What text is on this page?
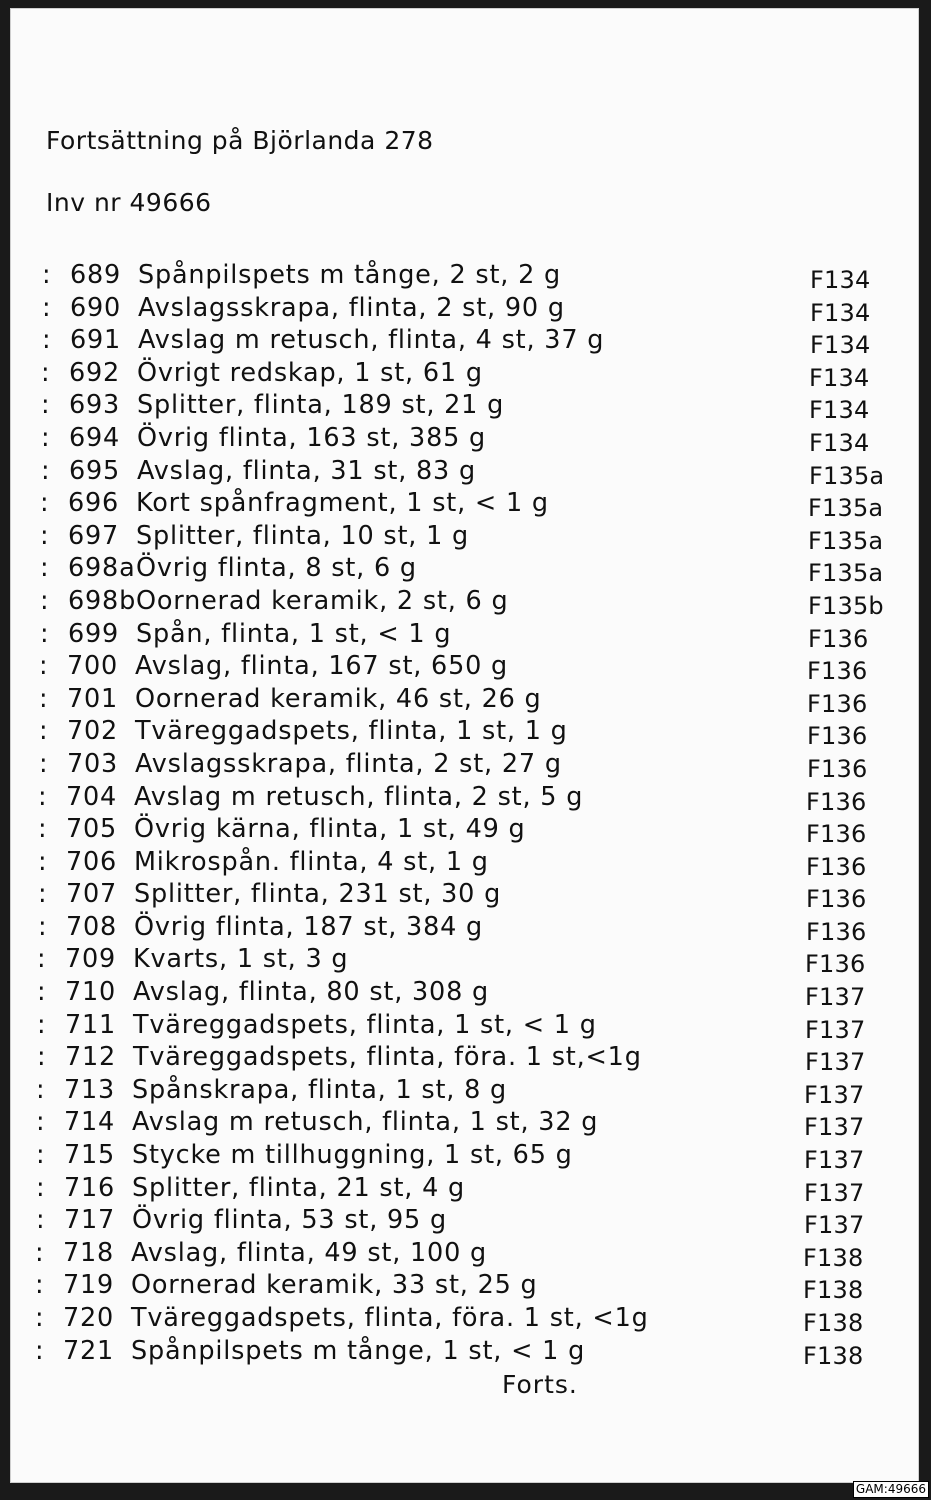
Fortsättning på Björlanda 278
Inv nr 49666
: 689 Spånpilspets m tånge, 2 st, 2 g	F134
: 690 Avslagsskrapa, flinta, 2 st, 90 g	F134
: 691 Avslag m retusch, flinta, 4 st, 37 g	F134
: 692 Övrigt redskap, 1 st, 61 g	F134
: 693 Splitter, flinta, 189 st, 21 g	F134
: 694 Övrig flinta, 163 st, 385 g	F134
: 695 Avslag, flinta, 31 st, 83 g	F135a
: 696 Kort spånfragment, 1 st, < 1 g	F135a
: 697 Splitter, flinta, 10 st, 1 g	F135a
: 698a Övrig flinta, 8 st, 6 g	F135a
: 698b Oornerad keramik, 2 st, 6 g	F135b
: 699 Spån, flinta, 1 st, < 1 g	F136
: 700 Avslag, flinta, 167 st, 650 g	F136
: 701 Oornerad keramik, 46 st, 26 g	F136
: 702 Tväreggadspets, flinta, 1 st, 1 g	F136
: 703 Avslagsskrapa, flinta, 2 st, 27 g	F136
: 704 Avslag m retusch, flinta, 2 st, 5 g	F136
: 705 Övrig kärna, flinta, 1 st, 49 g	F136
: 706 Mikrospån. flinta, 4 st, 1 g	F136
: 707 Splitter, flinta, 231 st, 30 g	F136
: 708 Övrig flinta, 187 st, 384 g	F136
: 709 Kvarts, 1 st, 3 g	F136
: 710 Avslag, flinta, 80 st, 308 g	F137
: 711 Tväreggadspets, flinta, 1 st, < 1 g	F137
: 712 Tväreggadspets, flinta, föra. 1 st,<1g	F137
: 713 Spånskrapa, flinta, 1 st, 8 g	F137
: 714 Avslag m retusch, flinta, 1 st, 32 g	F137
: 715 Stycke m tillhuggning, 1 st, 65 g	F137
: 716 Splitter, flinta, 21 st, 4 g	F137
: 717 Övrig flinta, 53 st, 95 g	F137
: 718 Avslag, flinta, 49 st, 100 g	F138
: 719 Oornerad keramik, 33 st, 25 g	F138
: 720 Tväreggadspets, flinta, föra. 1 st, <1g	F138
: 721 Spånpilspets m tånge, 1 st, < 1 g	F138
Forts.
GAM:49666
